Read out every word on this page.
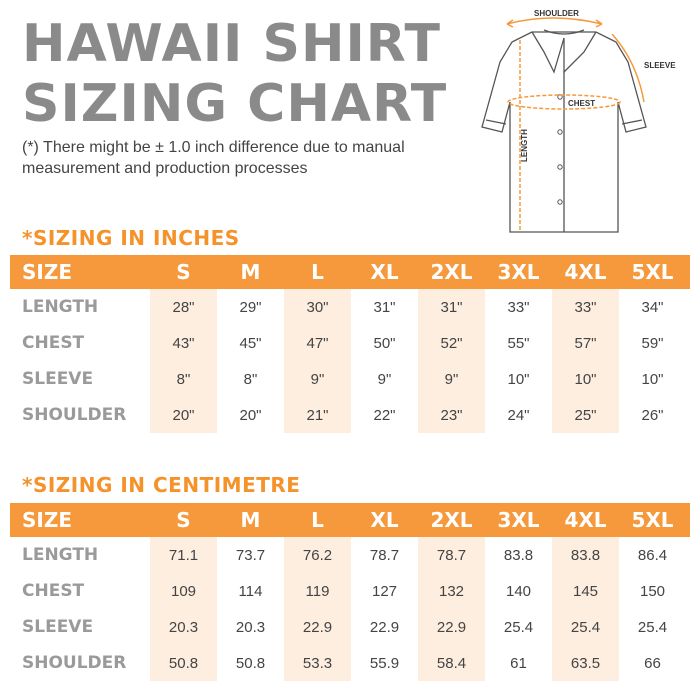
HAWAII SHIRT
SIZING CHART

(*) There might be ± 1.0 inch difference due to manual measurement and production processes

SHOULDER
SLEEVE
CHEST
LENGTH
*SIZING IN INCHES
SIZE	S	M	L	XL	2XL	3XL	4XL	5XL
LENGTH	28"	29"	30"	31"	31"	33"	33"	34"
CHEST	43"	45"	47"	50"	52"	55"	57"	59"
SLEEVE	8"	8"	9"	9"	9"	10"	10"	10"
SHOULDER	20"	20"	21"	22"	23"	24"	25"	26"
*SIZING IN CENTIMETRE
SIZE	S	M	L	XL	2XL	3XL	4XL	5XL
LENGTH	71.1	73.7	76.2	78.7	78.7	83.8	83.8	86.4
CHEST	109	114	119	127	132	140	145	150
SLEEVE	20.3	20.3	22.9	22.9	22.9	25.4	25.4	25.4
SHOULDER	50.8	50.8	53.3	55.9	58.4	61	63.5	66
